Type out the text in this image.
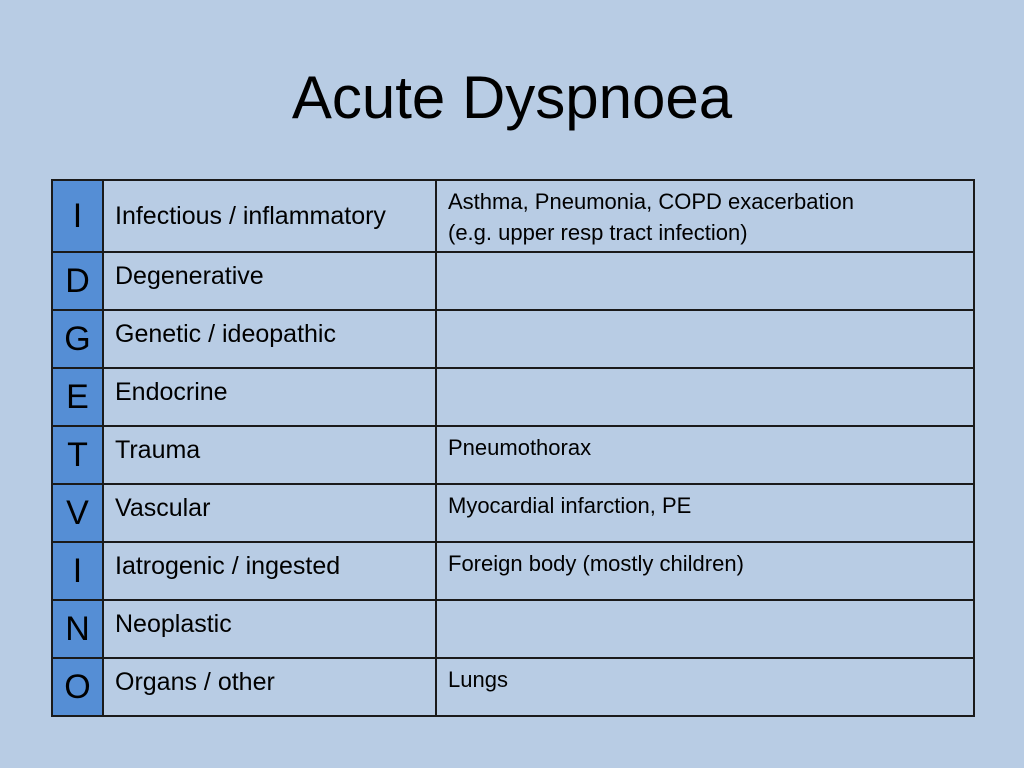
Acute Dyspnoea
I	Infectious / inflammatory	Asthma, Pneumonia, COPD exacerbation
(e.g. upper resp tract infection)

D	Degenerative	
G	Genetic / ideopathic	
E	Endocrine	
T	Trauma	Pneumothorax

V	Vascular	Myocardial infarction, PE

I	Iatrogenic / ingested	Foreign body (mostly children)

N	Neoplastic	
O	Organs / other	Lungs
